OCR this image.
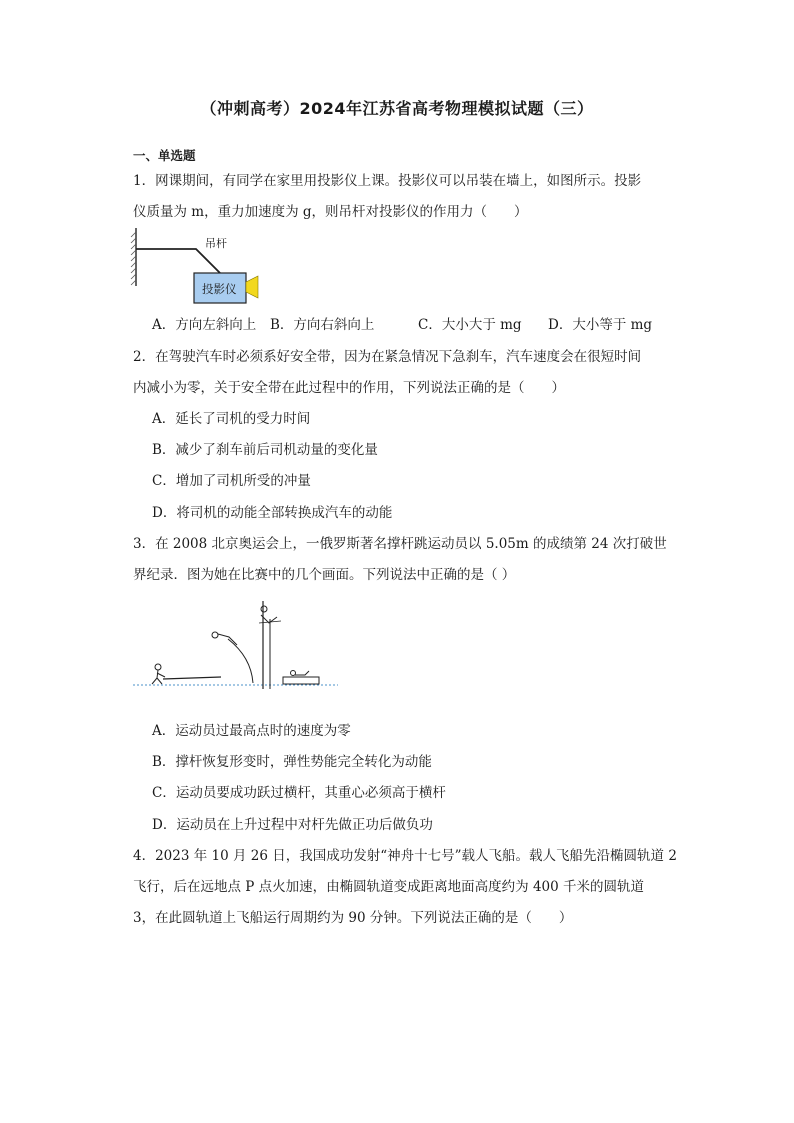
（冲刺高考）2024年江苏省高考物理模拟试题（三）
一、单选题
1．网课期间，有同学在家里用投影仪上课。投影仪可以吊装在墙上，如图所示。投影
仪质量为 m，重力加速度为 g，则吊杆对投影仪的作用力（　　）
吊杆
投影仪
A．方向左斜向上 B．方向右斜向上	C．大小大于 mg D．大小等于 mg
2．在驾驶汽车时必须系好安全带，因为在紧急情况下急刹车，汽车速度会在很短时间
内减小为零，关于安全带在此过程中的作用，下列说法正确的是（　　）
A．延长了司机的受力时间
B．减少了刹车前后司机动量的变化量
C．增加了司机所受的冲量
D．将司机的动能全部转换成汽车的动能
3．在 2008 北京奥运会上，一俄罗斯著名撑杆跳运动员以 5.05m 的成绩第 24 次打破世
界纪录．图为她在比赛中的几个画面。下列说法中正确的是（ ）
A．运动员过最高点时的速度为零
B．撑杆恢复形变时，弹性势能完全转化为动能
C．运动员要成功跃过横杆，其重心必须高于横杆
D．运动员在上升过程中对杆先做正功后做负功
4．2023 年 10 月 26 日，我国成功发射“神舟十七号”载人飞船。载人飞船先沿椭圆轨道 2
飞行，后在远地点 P 点火加速，由椭圆轨道变成距离地面高度约为 400 千米的圆轨道
3，在此圆轨道上飞船运行周期约为 90 分钟。下列说法正确的是（　　）
